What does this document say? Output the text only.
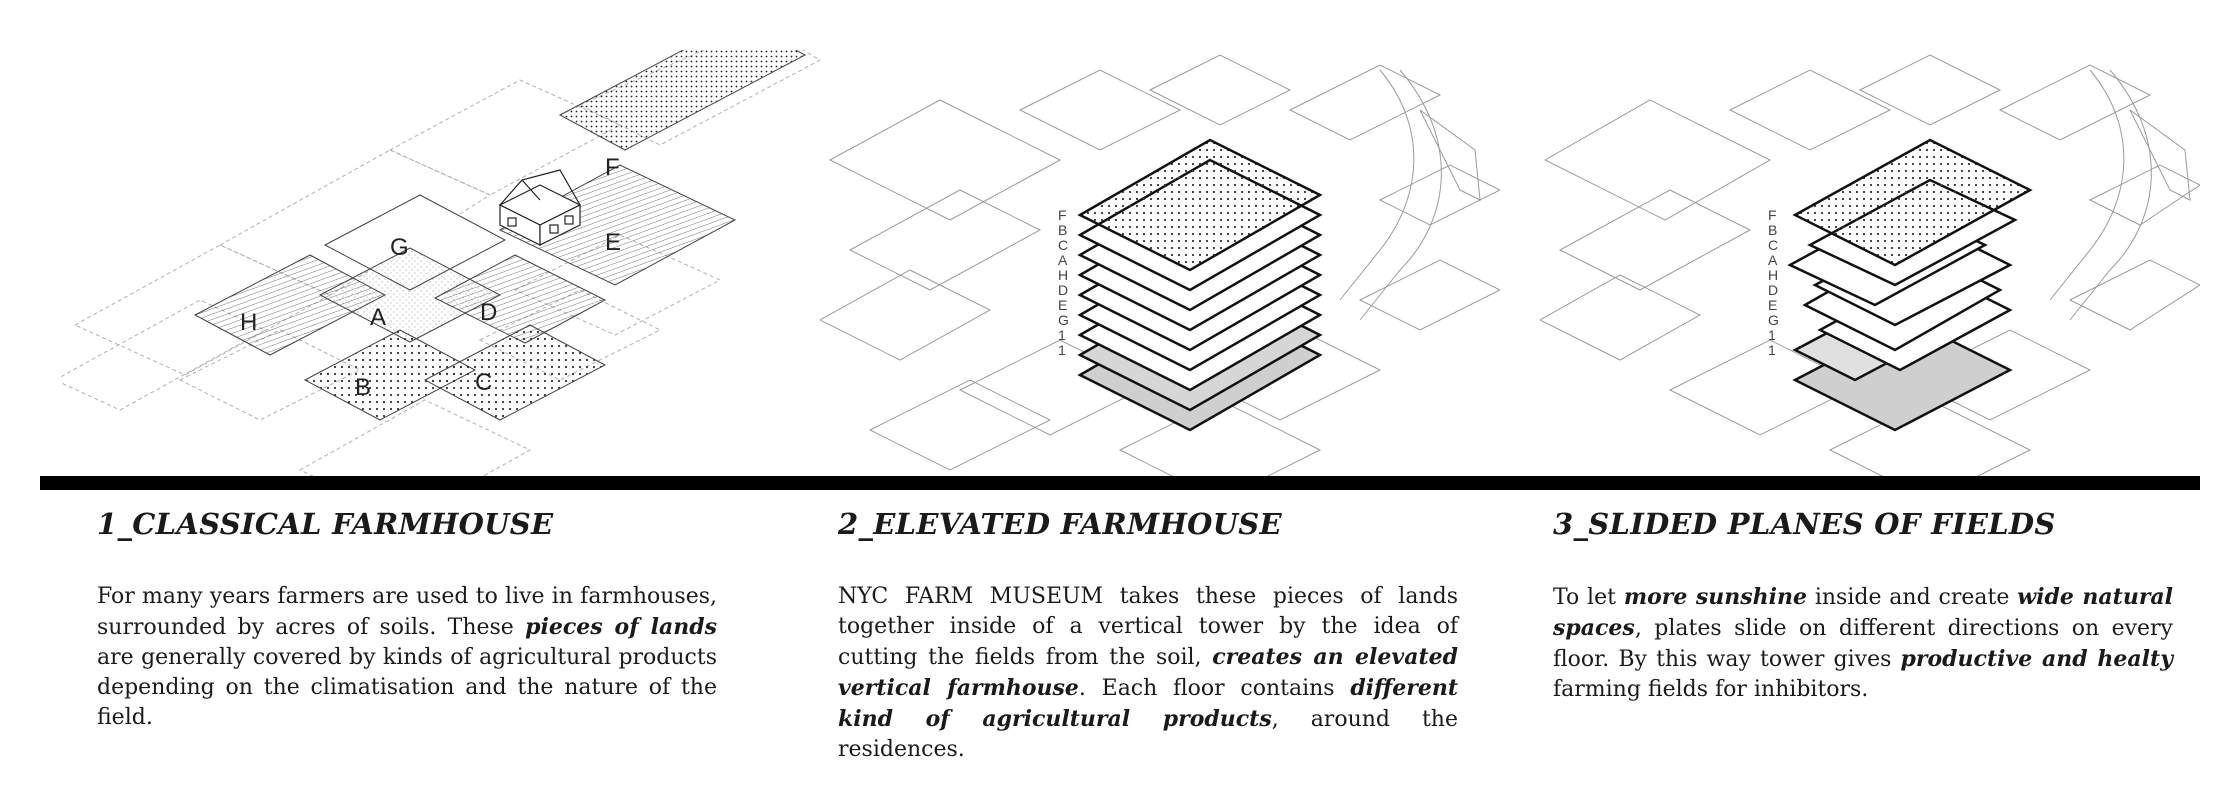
F
G	E
H	A	D
B	C
F
B
C
A
H
D
E
G
1
1
F
B
C
A
H
D
E
G
1
1
1_CLASSICAL FARMHOUSE

For many years farmers are used to live in farmhouses, surrounded by acres of soils. These pieces of lands are generally covered by kinds of agricultural products depending on the climatisation and the nature of the field.

2_ELEVATED FARMHOUSE

NYC FARM MUSEUM takes these pieces of lands together inside of a vertical tower by the idea of cutting the fields from the soil, creates an elevated vertical farmhouse. Each floor contains different kind of agricultural products, around the residences.

3_SLIDED PLANES OF FIELDS

To let more sunshine inside and create wide natural spaces, plates slide on different directions on every floor. By this way tower gives productive and healty farming fields for inhibitors.
